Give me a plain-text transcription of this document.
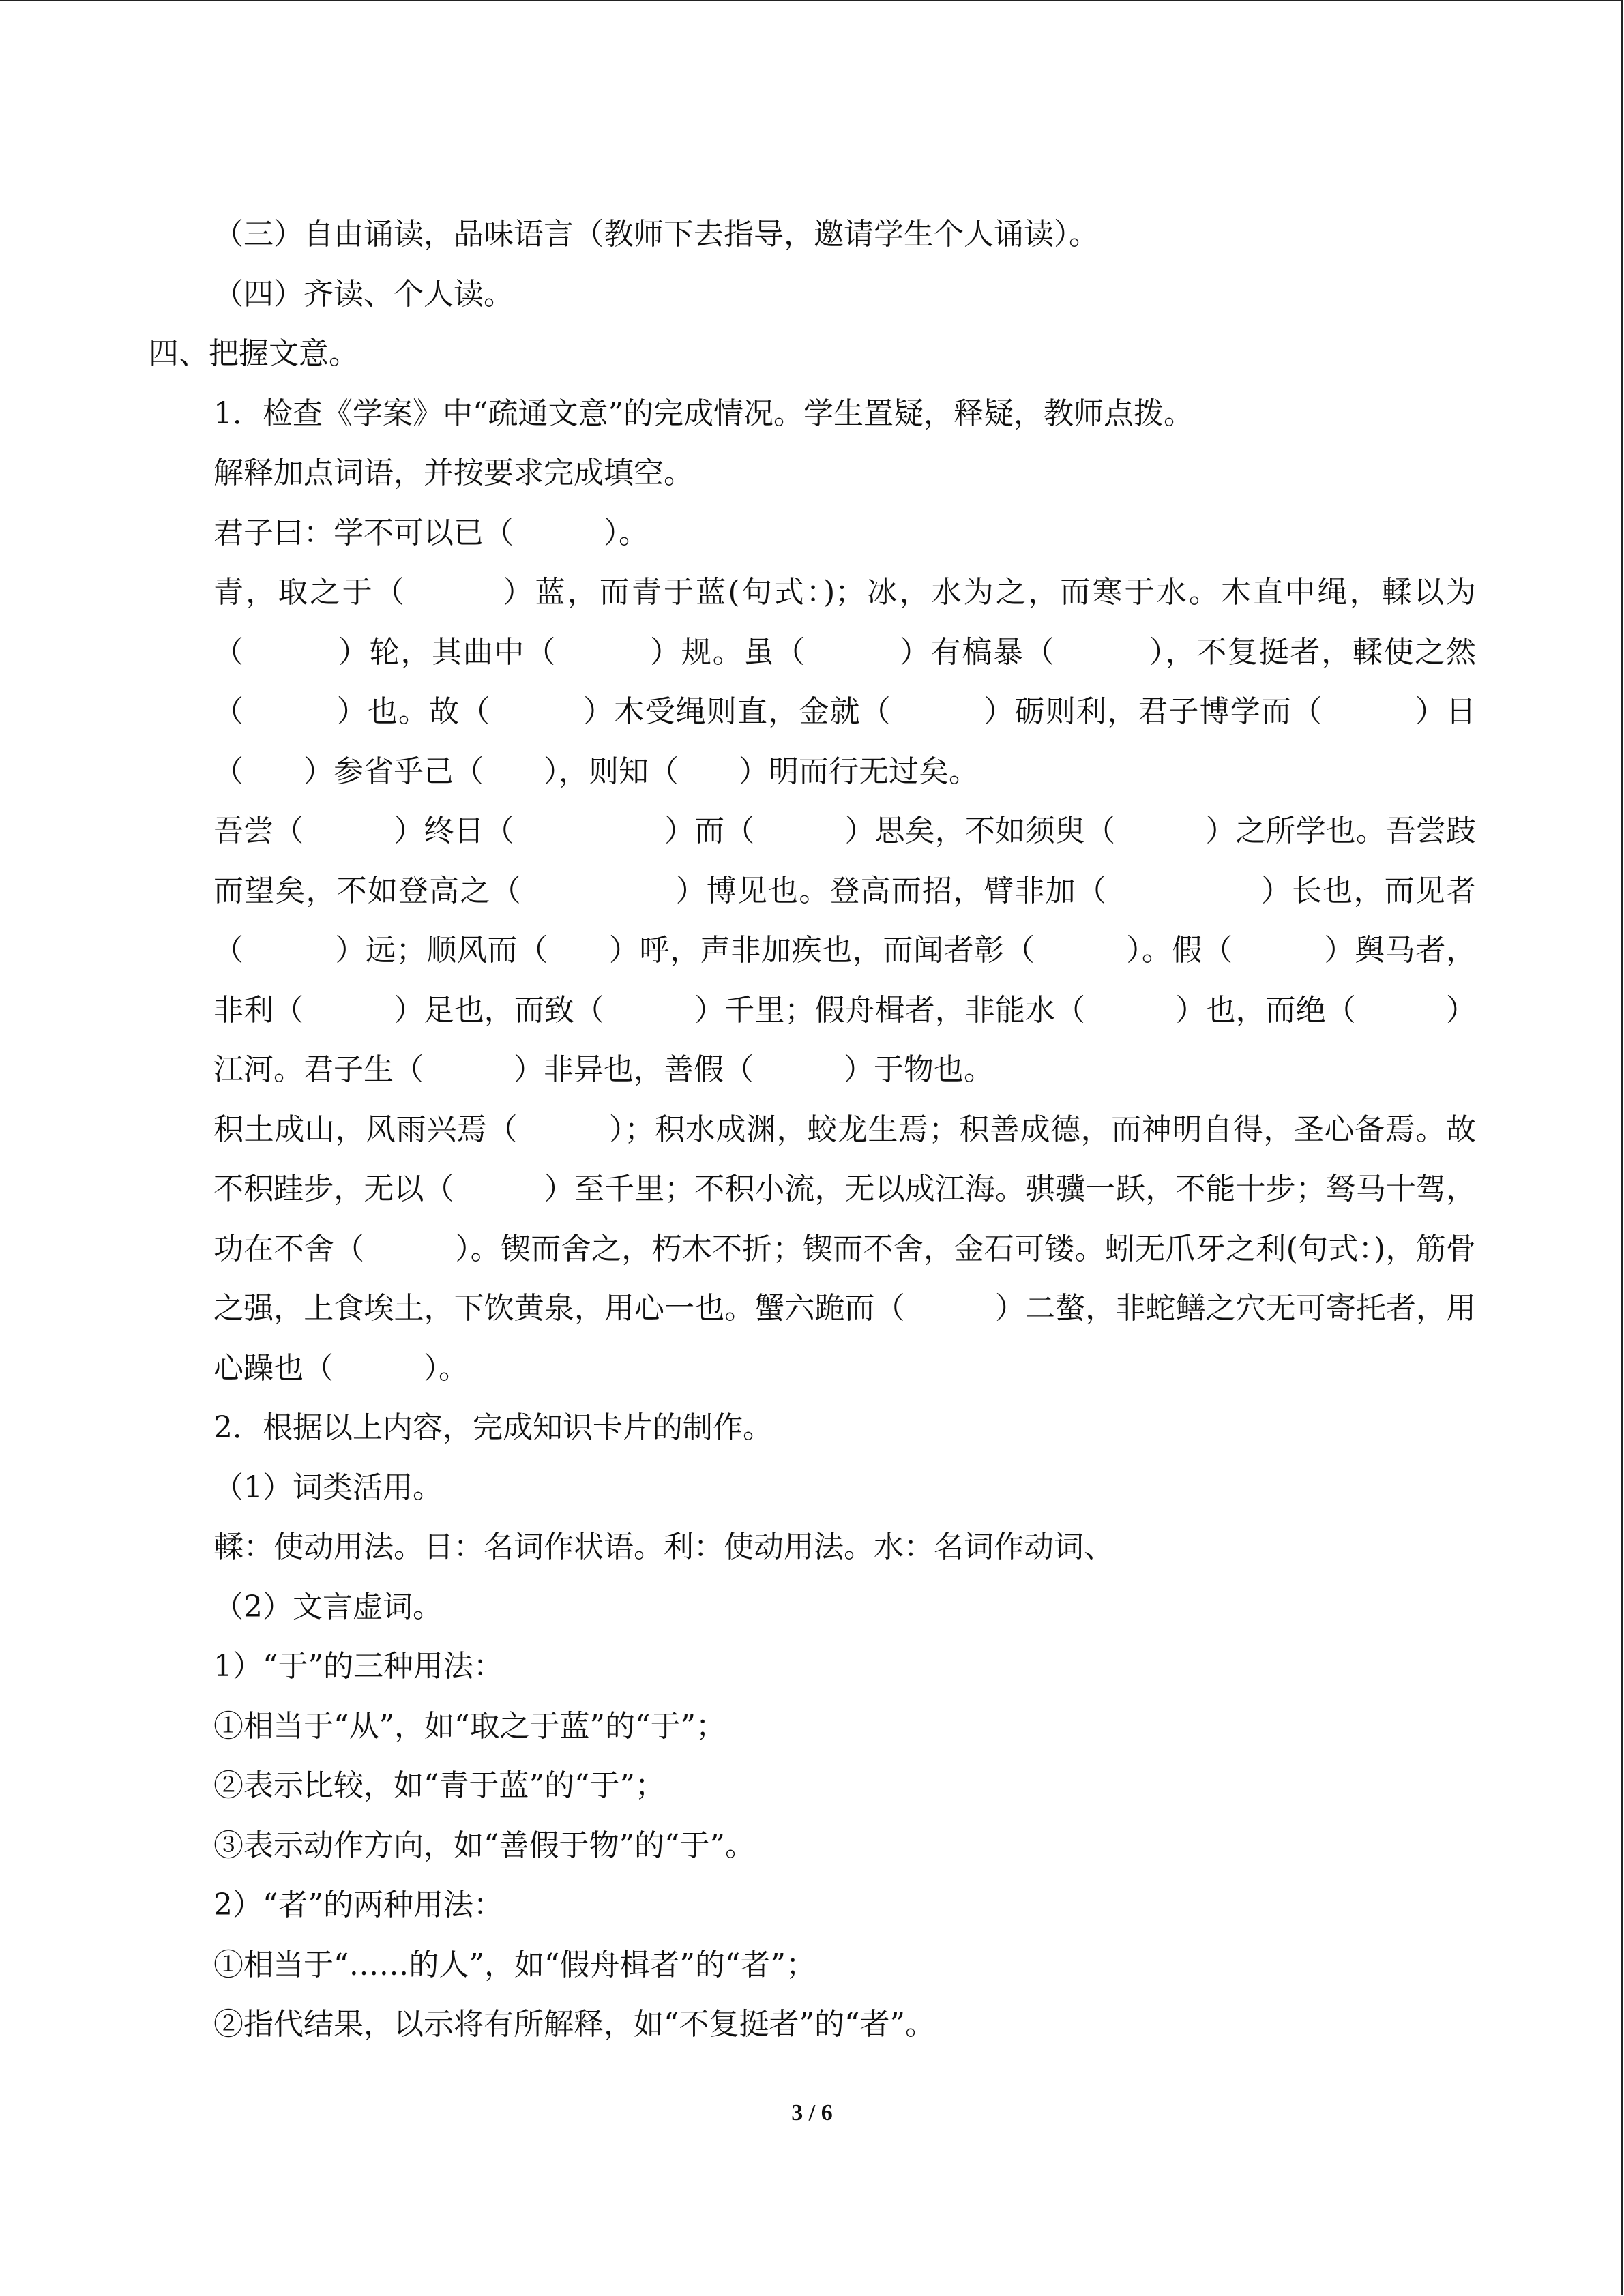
（三）自由诵读，品味语言（教师下去指导，邀请学生个人诵读）。

（四）齐读、个人读。

四、把握文意。

1．检查《学案》中“疏通文意”的完成情况。学生置疑，释疑，教师点拨。

解释加点词语，并按要求完成填空。

君子曰：学不可以已（　　　）。

青，取之于（　　　）蓝，而青于蓝(句式：)；冰，水为之，而寒于水。木直中绳，輮以为（　　　）轮，其曲中（　　　）规。虽（　　　）有槁暴（　　　），不复挺者，輮使之然（　　　）也。故（　　　）木受绳则直，金就（　　　）砺则利，君子博学而（　　　）日（　　）参省乎己（　　），则知（　　）明而行无过矣。

吾尝（　　　）终日（　　　　　）而（　　　）思矣，不如须臾（　　　）之所学也。吾尝跂而望矣，不如登高之（　　　　　）博见也。登高而招，臂非加（　　　　　）长也，而见者（　　　）远；顺风而（　　）呼，声非加疾也，而闻者彰（　　　）。假（　　　）舆马者，非利（　　　）足也，而致（　　　）千里；假舟楫者，非能水（　　　）也，而绝（　　　）江河。君子生（　　　）非异也，善假（　　　）于物也。

积土成山，风雨兴焉（　　　）；积水成渊，蛟龙生焉；积善成德，而神明自得，圣心备焉。故不积跬步，无以（　　　）至千里；不积小流，无以成江海。骐骥一跃，不能十步；驽马十驾，功在不舍（　　　）。锲而舍之，朽木不折；锲而不舍，金石可镂。蚓无爪牙之利(句式：)，筋骨之强，上食埃土，下饮黄泉，用心一也。蟹六跪而（　　　）二螯，非蛇鳝之穴无可寄托者，用心躁也（　　　）。

2．根据以上内容，完成知识卡片的制作。

（1）词类活用。

輮：使动用法。日：名词作状语。利：使动用法。水：名词作动词、

（2）文言虚词。

1）“于”的三种用法：

①相当于“从”，如“取之于蓝”的“于”；

②表示比较，如“青于蓝”的“于”；

③表示动作方向，如“善假于物”的“于”。

2）“者”的两种用法：

①相当于“……的人”，如“假舟楫者”的“者”；

②指代结果，以示将有所解释，如“不复挺者”的“者”。

3 / 6
